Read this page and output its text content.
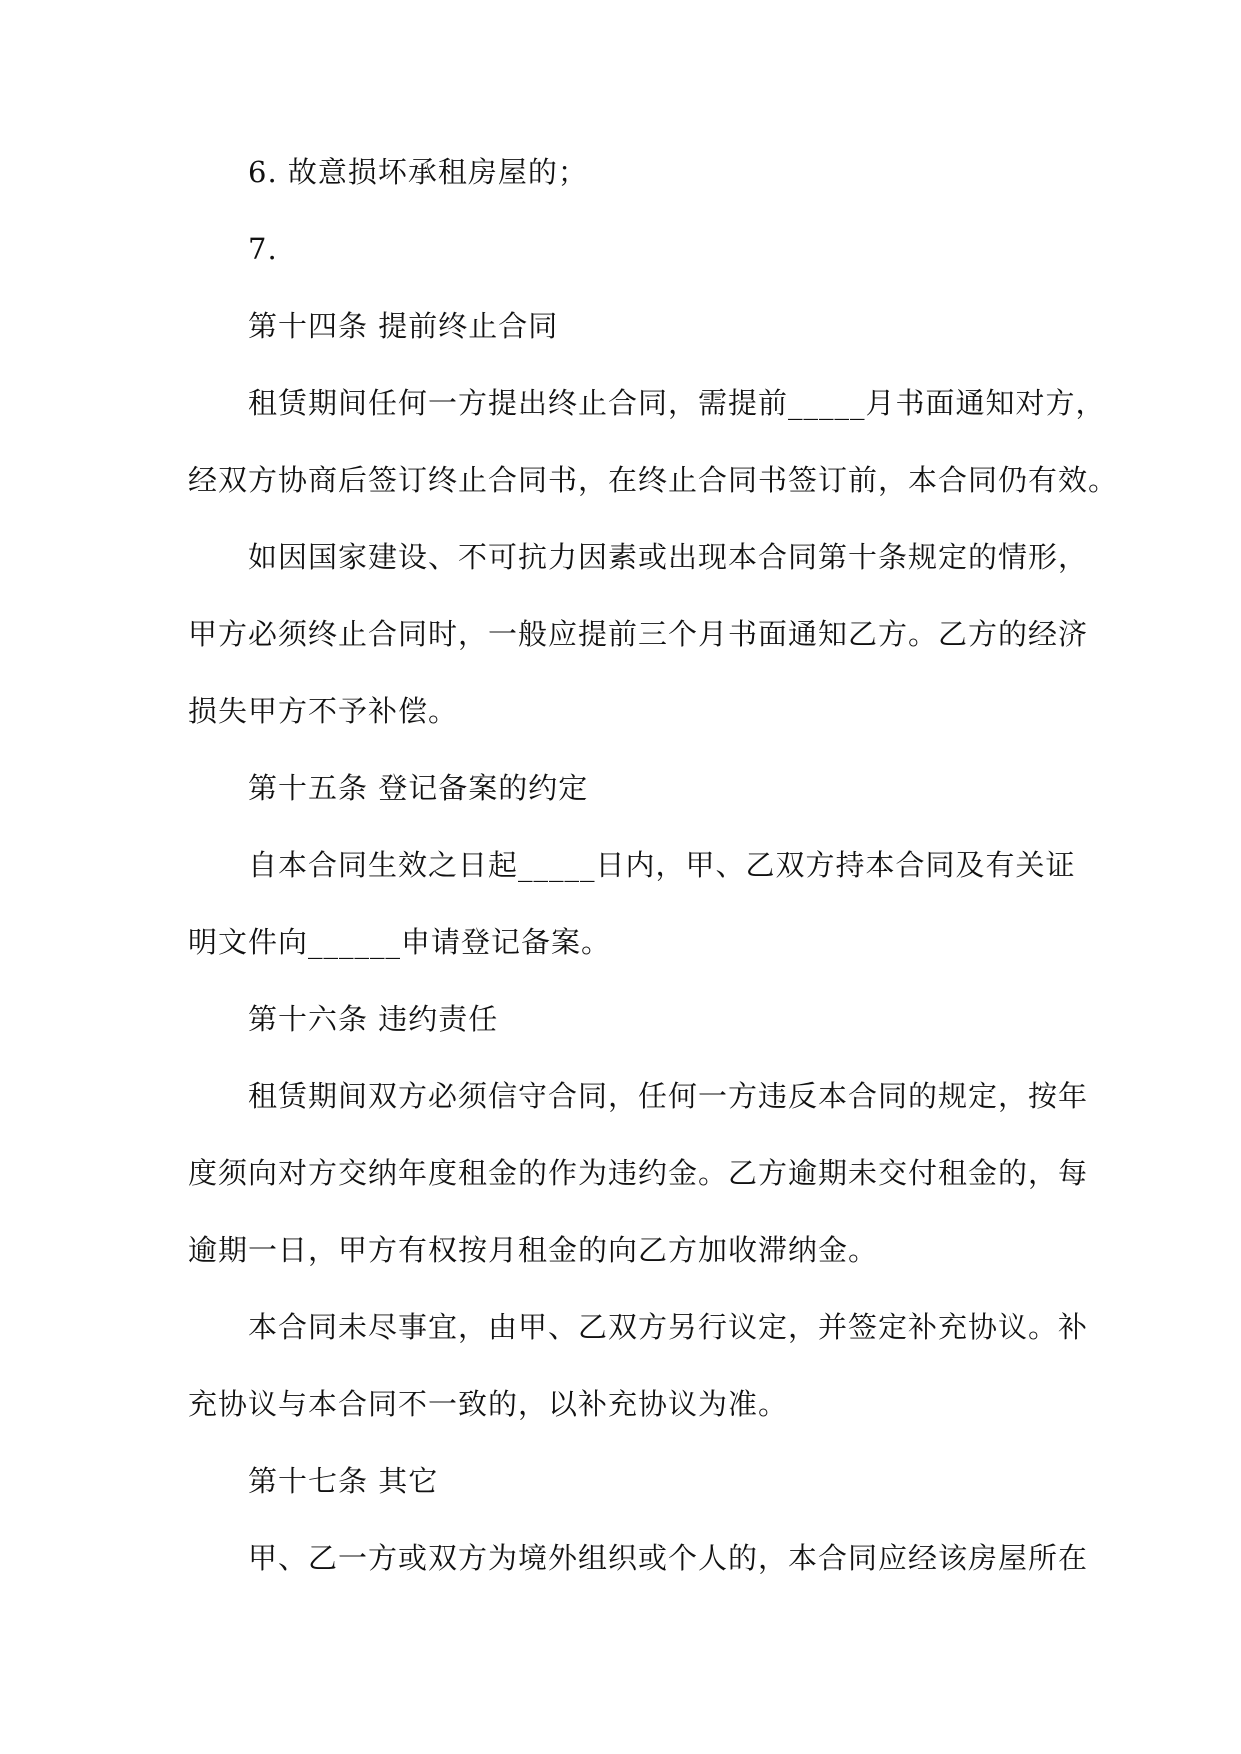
6. 故意损坏承租房屋的；
7.
第十四条 提前终止合同
租赁期间任何一方提出终止合同，需提前_____月书面通知对方，
经双方协商后签订终止合同书，在终止合同书签订前，本合同仍有效。
如因国家建设、不可抗力因素或出现本合同第十条规定的情形，
甲方必须终止合同时，一般应提前三个月书面通知乙方。乙方的经济
损失甲方不予补偿。
第十五条 登记备案的约定
自本合同生效之日起_____日内，甲、乙双方持本合同及有关证
明文件向______申请登记备案。
第十六条 违约责任
租赁期间双方必须信守合同，任何一方违反本合同的规定，按年
度须向对方交纳年度租金的作为违约金。乙方逾期未交付租金的，每
逾期一日，甲方有权按月租金的向乙方加收滞纳金。
本合同未尽事宜，由甲、乙双方另行议定，并签定补充协议。补
充协议与本合同不一致的，以补充协议为准。
第十七条 其它
甲、乙一方或双方为境外组织或个人的，本合同应经该房屋所在
